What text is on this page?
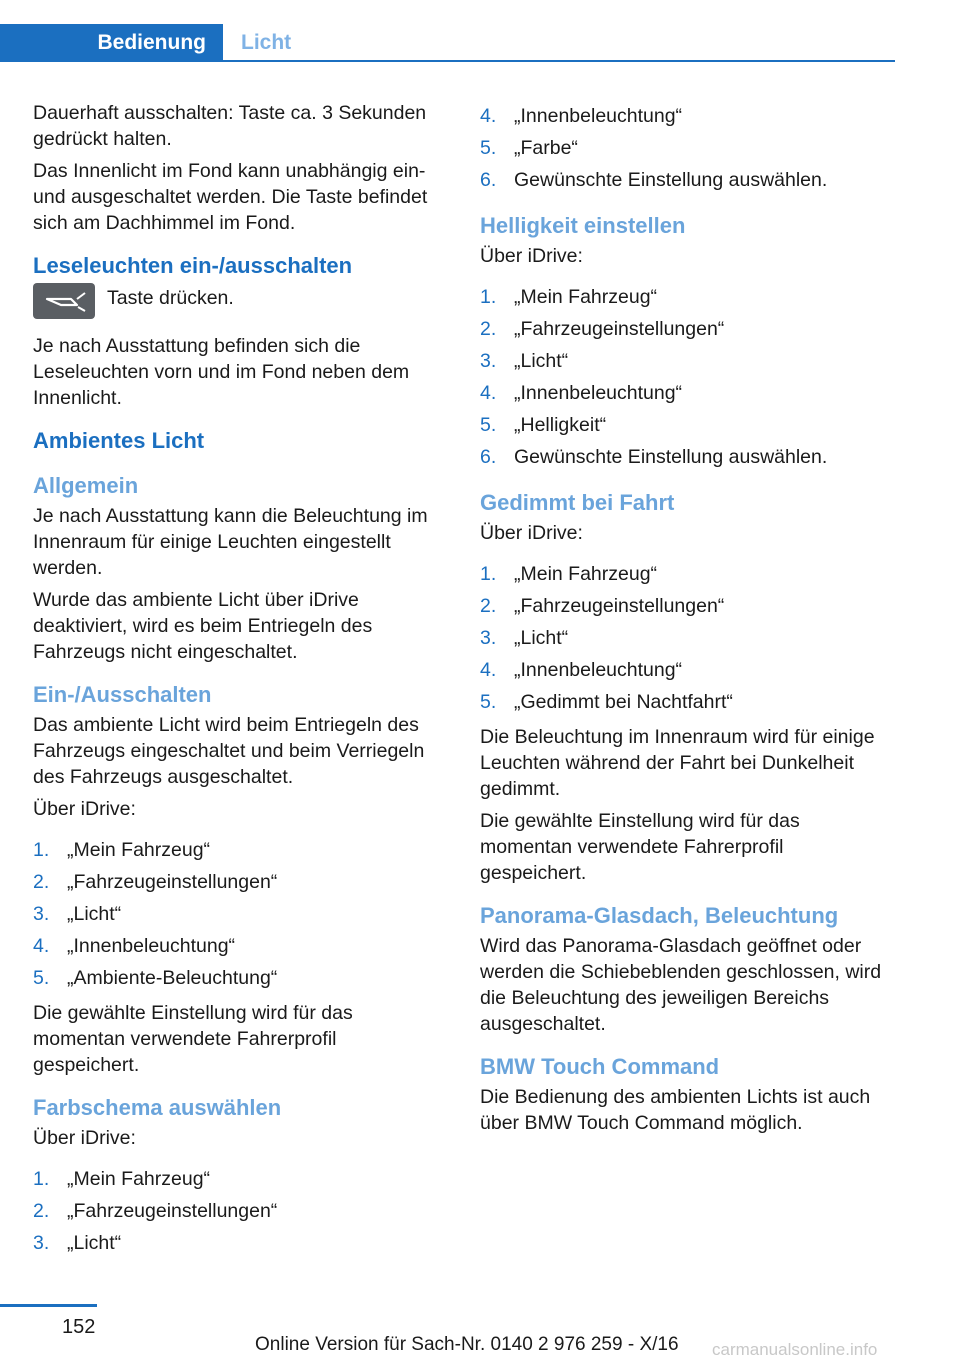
Bedienung	Licht

Dauerhaft ausschalten: Taste ca. 3 Sekunden gedrückt halten.

Das Innenlicht im Fond kann unabhängig ein- und ausgeschaltet werden. Die Taste befindet sich am Dachhimmel im Fond.

Leseleuchten ein-/ausschalten
Taste drücken.

Je nach Ausstattung befinden sich die Leseleuchten vorn und im Fond neben dem Innenlicht.

Ambientes Licht
Allgemein

Je nach Ausstattung kann die Beleuchtung im Innenraum für einige Leuchten eingestellt werden.

Wurde das ambiente Licht über iDrive deaktiviert, wird es beim Entriegeln des Fahrzeugs nicht eingeschaltet.

Ein-/Ausschalten

Das ambiente Licht wird beim Entriegeln des Fahrzeugs eingeschaltet und beim Verriegeln des Fahrzeugs ausgeschaltet.

Über iDrive:

1. „Mein Fahrzeug“
2. „Fahrzeugeinstellungen“
3. „Licht“
4. „Innenbeleuchtung“
5. „Ambiente-Beleuchtung“

Die gewählte Einstellung wird für das momentan verwendete Fahrerprofil gespeichert.

Farbschema auswählen

Über iDrive:

1. „Mein Fahrzeug“
2. „Fahrzeugeinstellungen“
3. „Licht“
4. „Innenbeleuchtung“
5. „Farbe“
6. Gewünschte Einstellung auswählen.
Helligkeit einstellen

Über iDrive:

1. „Mein Fahrzeug“
2. „Fahrzeugeinstellungen“
3. „Licht“
4. „Innenbeleuchtung“
5. „Helligkeit“
6. Gewünschte Einstellung auswählen.
Gedimmt bei Fahrt

Über iDrive:

1. „Mein Fahrzeug“
2. „Fahrzeugeinstellungen“
3. „Licht“
4. „Innenbeleuchtung“
5. „Gedimmt bei Nachtfahrt“

Die Beleuchtung im Innenraum wird für einige Leuchten während der Fahrt bei Dunkelheit gedimmt.

Die gewählte Einstellung wird für das momentan verwendete Fahrerprofil gespeichert.

Panorama-Glasdach, Beleuchtung

Wird das Panorama-Glasdach geöffnet oder werden die Schiebeblenden geschlossen, wird die Beleuchtung des jeweiligen Bereichs ausgeschaltet.

BMW Touch Command

Die Bedienung des ambienten Lichts ist auch über BMW Touch Command möglich.

152
Online Version für Sach-Nr. 0140 2 976 259 - X/16 carmanualsonline.info
